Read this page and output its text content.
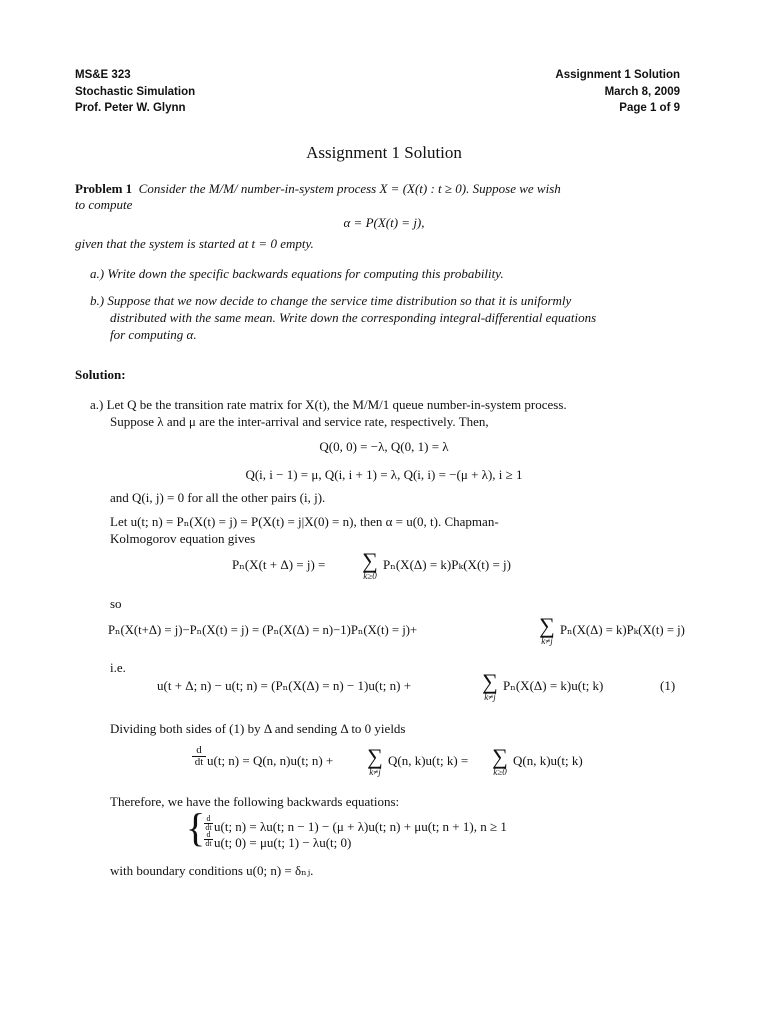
MS&E 323
Stochastic Simulation
Prof. Peter W. Glynn
Assignment 1 Solution
March 8, 2009
Page 1 of 9
Assignment 1 Solution
Problem 1 Consider the M/M/ number-in-system process X = (X(t) : t ≥ 0). Suppose we wish
to compute
α = P(X(t) = j),
given that the system is started at t = 0 empty.
a.) Write down the specific backwards equations for computing this probability.
b.) Suppose that we now decide to change the service time distribution so that it is uniformly
distributed with the same mean. Write down the corresponding integral-differential equations
for computing α.
Solution:
a.) Let Q be the transition rate matrix for X(t), the M/M/1 queue number-in-system process.
Suppose λ and μ are the inter-arrival and service rate, respectively. Then,
Q(0, 0) = −λ, Q(0, 1) = λ
Q(i, i − 1) = μ, Q(i, i + 1) = λ, Q(i, i) = −(μ + λ), i ≥ 1
and Q(i, j) = 0 for all the other pairs (i, j).
Let u(t; n) = Pₙ(X(t) = j) = P(X(t) = j|X(0) = n), then α = u(0, t). Chapman-
Kolmogorov equation gives
Pₙ(X(t + Δ) = j) = ∑
k≥0
Pₙ(X(Δ) = k)Pₖ(X(t) = j)
so
Pₙ(X(t+Δ) = j)−Pₙ(X(t) = j) = (Pₙ(X(Δ) = n)−1)Pₙ(X(t) = j)+	∑
k≠j
Pₙ(X(Δ) = k)Pₖ(X(t) = j)
i.e.
u(t + Δ; n) − u(t; n) = (Pₙ(X(Δ) = n) − 1)u(t; n) +	∑
k≠j
Pₙ(X(Δ) = k)u(t; k)	(1)
Dividing both sides of (1) by Δ and sending Δ to 0 yields
$\frac{d}{dt} u(t$; n) = Q(n, n)u(t; n) + ∑
k≠j
Q(n, k)u(t; k) = ∑
k≥0
Q(n, k)u(t; k)
Therefore, we have the following backwards equations:
{
$\frac{d}{dt} u(t$; n) = λu(t; n − 1) − (μ + λ)u(t; n) + μu(t; n + 1), n ≥ 1
$\frac{d}{dt} u(t$; 0) = μu(t; 1) − λu(t; 0)
with boundary conditions u(0; n) = δₙⱼ.
